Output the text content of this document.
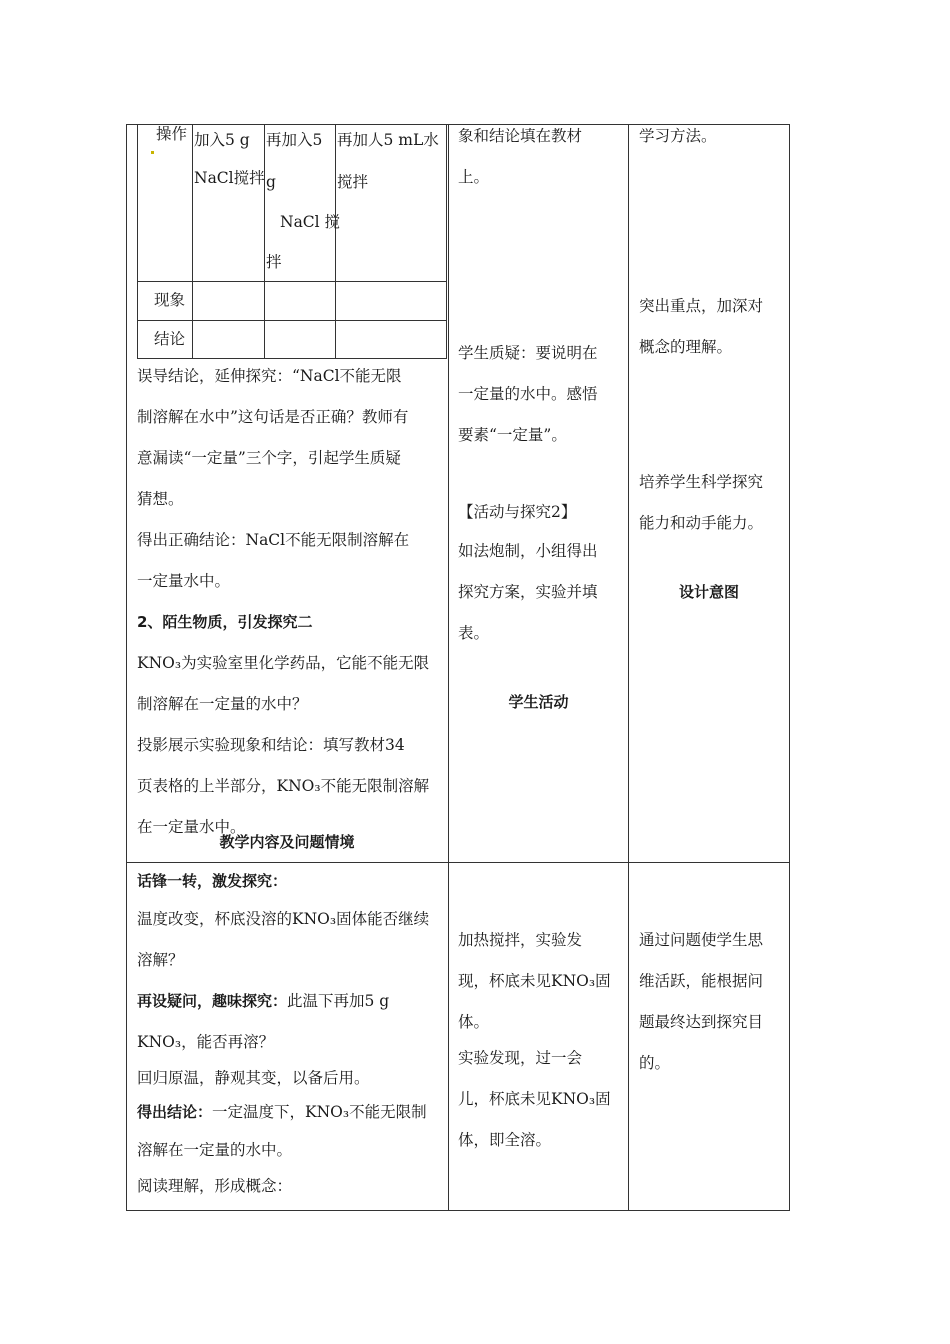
操作 加入5 g
NaCl搅拌
再加入5
g
NaCl 搅
拌
再加人5 mL水
搅拌
现象
结论
误导结论，延伸探究：“NaCl不能无限
制溶解在水中”这句话是否正确？教师有
意漏读“一定量”三个字，引起学生质疑
猜想。
得出正确结论：NaCl不能无限制溶解在
一定量水中。
2、陌生物质，引发探究二
KNO₃为实验室里化学药品，它能不能无限
制溶解在一定量的水中？
投影展示实验现象和结论：填写教材34
页表格的上半部分，KNO₃不能无限制溶解
在一定量水中。
教学内容及问题情境
象和结论填在教材
上。
学生质疑：要说明在
一定量的水中。感悟
要素“一定量”。
【活动与探究2】
如法炮制，小组得出
探究方案，实验并填
表。
学生活动
学习方法。
突出重点，加深对
概念的理解。
培养学生科学探究
能力和动手能力。
设计意图
话锋一转，激发探究：
温度改变，杯底没溶的KNO₃固体能否继续
溶解？
再设疑问，趣味探究：此温下再加5 g
KNO₃，能否再溶？
回归原温，静观其变，以备后用。
得出结论：一定温度下，KNO₃不能无限制
溶解在一定量的水中。
阅读理解，形成概念：
加热搅拌，实验发
现，杯底未见KNO₃固
体。
实验发现，过一会
儿，杯底未见KNO₃固
体，即全溶。
通过问题使学生思
维活跃，能根据问
题最终达到探究目
的。
